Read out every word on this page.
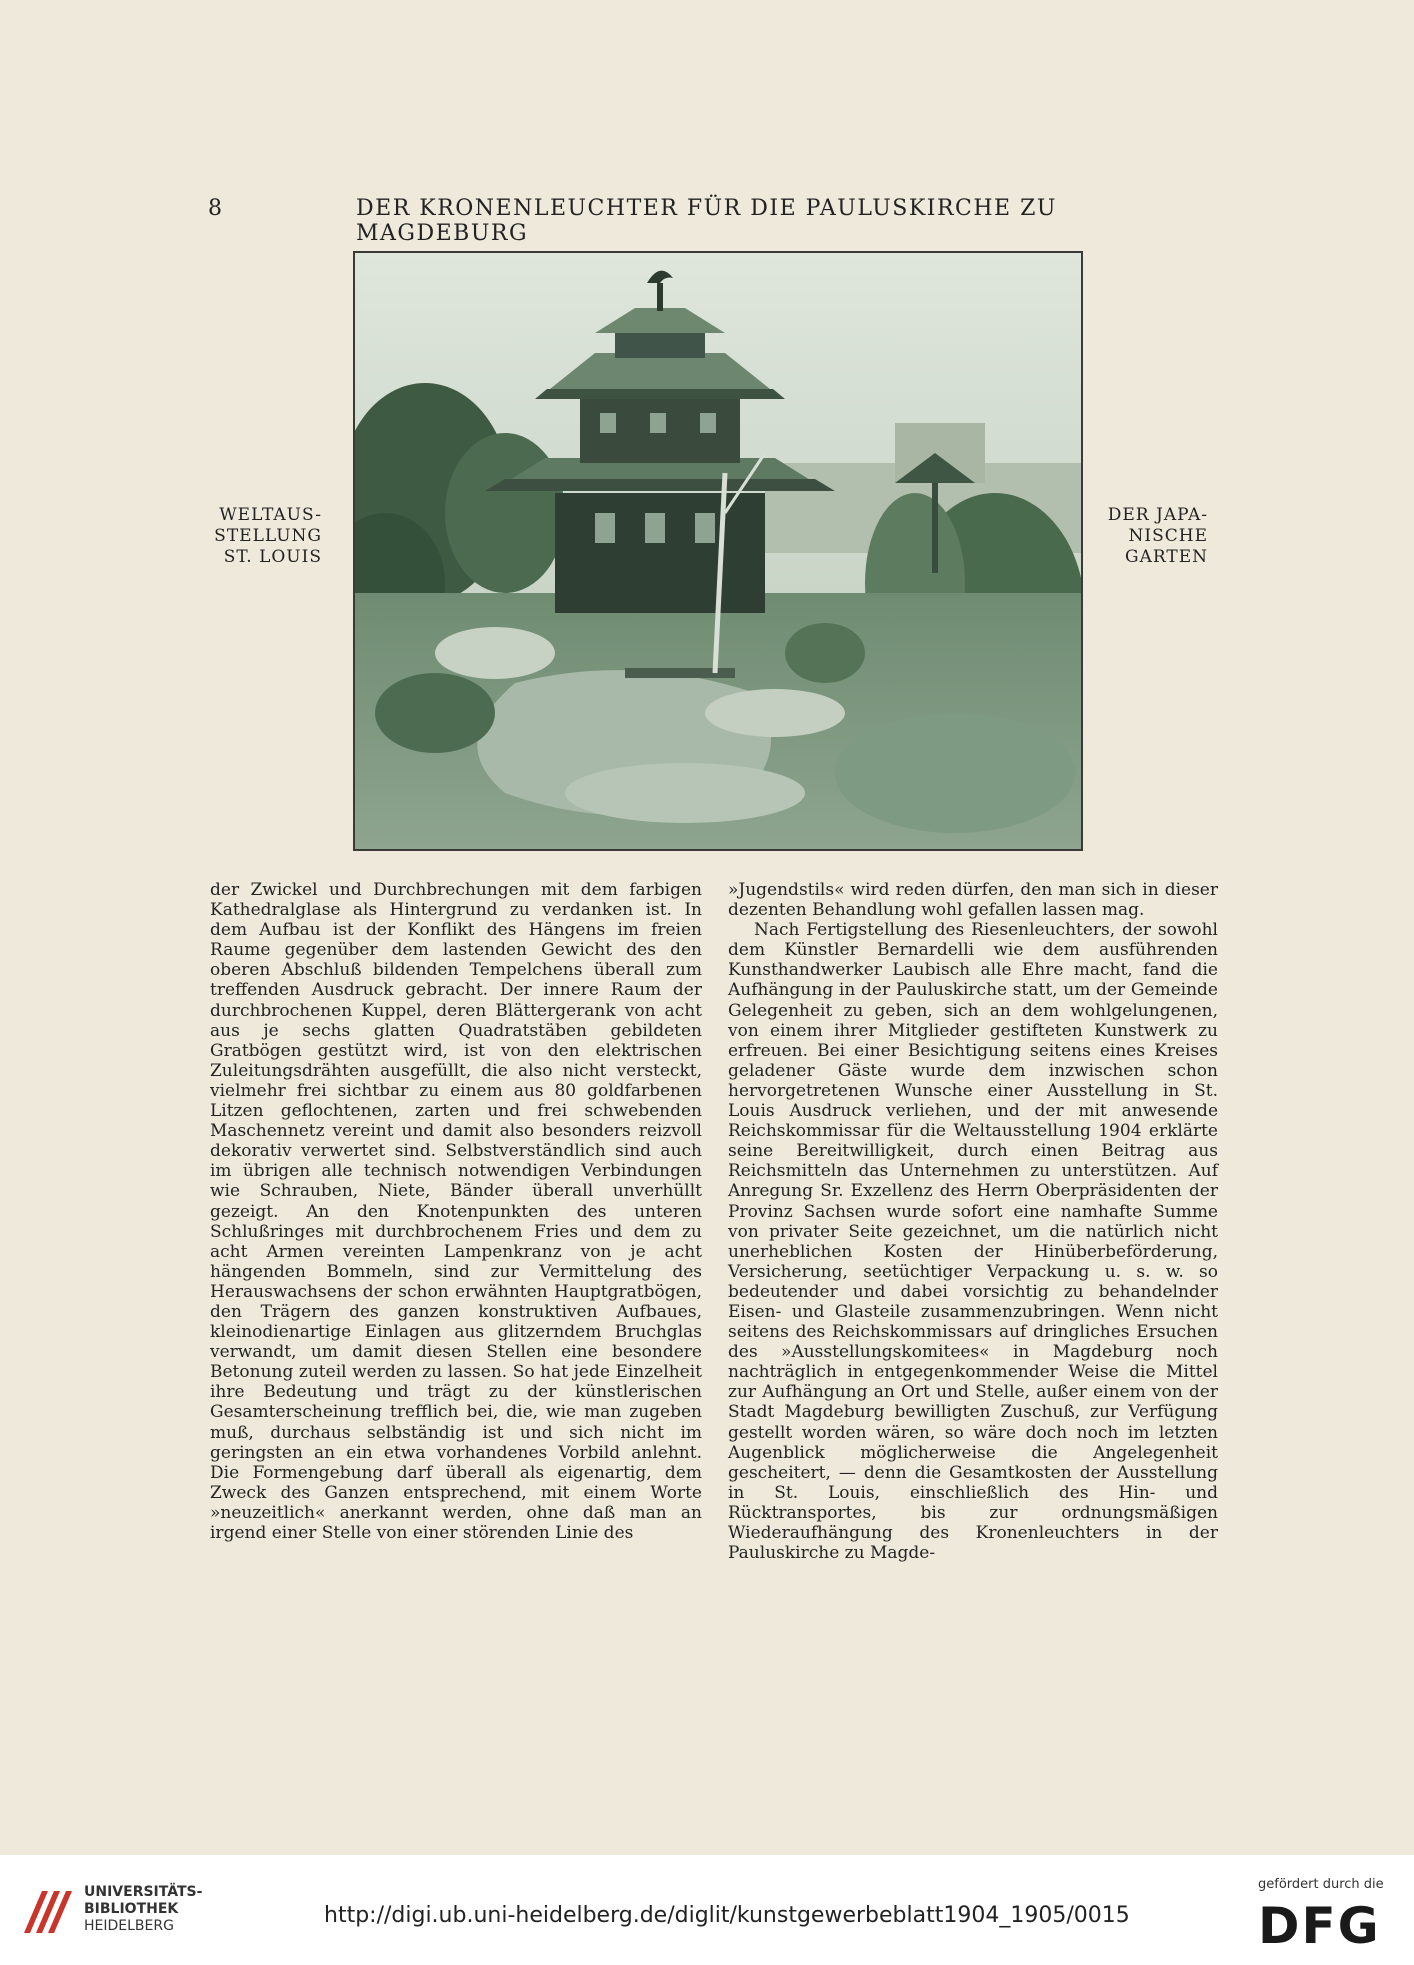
8	DER KRONENLEUCHTER FÜR DIE PAULUSKIRCHE ZU MAGDEBURG
WELTAUS-
STELLUNG
ST. LOUIS
DER JAPA-
NISCHE
GARTEN

der Zwickel und Durchbrechungen mit dem farbigen Kathedralglase als Hintergrund zu verdanken ist. In dem Aufbau ist der Konflikt des Hängens im freien Raume gegenüber dem lastenden Gewicht des den oberen Abschluß bildenden Tempelchens überall zum treffenden Ausdruck gebracht. Der innere Raum der durchbrochenen Kuppel, deren Blättergerank von acht aus je sechs glatten Quadratstäben gebildeten Gratbögen gestützt wird, ist von den elektrischen Zuleitungsdrähten ausgefüllt, die also nicht versteckt, vielmehr frei sichtbar zu einem aus 80 goldfarbenen Litzen geflochtenen, zarten und frei schwebenden Maschennetz vereint und damit also besonders reizvoll dekorativ verwertet sind. Selbstverständlich sind auch im übrigen alle technisch notwendigen Verbindungen wie Schrauben, Niete, Bänder überall unverhüllt gezeigt. An den Knotenpunkten des unteren Schlußringes mit durchbrochenem Fries und dem zu acht Armen vereinten Lampenkranz von je acht hängenden Bommeln, sind zur Vermittelung des Herauswachsens der schon erwähnten Hauptgratbögen, den Trägern des ganzen konstruktiven Aufbaues, kleinodienartige Einlagen aus glitzerndem Bruchglas verwandt, um damit diesen Stellen eine besondere Betonung zuteil werden zu lassen. So hat jede Einzelheit ihre Bedeutung und trägt zu der künstlerischen Gesamterscheinung trefflich bei, die, wie man zugeben muß, durchaus selbständig ist und sich nicht im geringsten an ein etwa vorhandenes Vorbild anlehnt. Die Formengebung darf überall als eigenartig, dem Zweck des Ganzen entsprechend, mit einem Worte »neuzeitlich« anerkannt werden, ohne daß man an irgend einer Stelle von einer störenden Linie des

»Jugendstils« wird reden dürfen, den man sich in dieser dezenten Behandlung wohl gefallen lassen mag.

Nach Fertigstellung des Riesenleuchters, der sowohl dem Künstler Bernardelli wie dem ausführenden Kunsthandwerker Laubisch alle Ehre macht, fand die Aufhängung in der Pauluskirche statt, um der Gemeinde Gelegenheit zu geben, sich an dem wohlgelungenen, von einem ihrer Mitglieder gestifteten Kunstwerk zu erfreuen. Bei einer Besichtigung seitens eines Kreises geladener Gäste wurde dem inzwischen schon hervorgetretenen Wunsche einer Ausstellung in St. Louis Ausdruck verliehen, und der mit anwesende Reichskommissar für die Weltausstellung 1904 erklärte seine Bereitwilligkeit, durch einen Beitrag aus Reichsmitteln das Unternehmen zu unterstützen. Auf Anregung Sr. Exzellenz des Herrn Oberpräsidenten der Provinz Sachsen wurde sofort eine namhafte Summe von privater Seite gezeichnet, um die natürlich nicht unerheblichen Kosten der Hinüberbeförderung, Versicherung, seetüchtiger Verpackung u. s. w. so bedeutender und dabei vorsichtig zu behandelnder Eisen- und Glasteile zusammenzubringen. Wenn nicht seitens des Reichskommissars auf dringliches Ersuchen des »Ausstellungskomitees« in Magdeburg noch nachträglich in entgegenkommender Weise die Mittel zur Aufhängung an Ort und Stelle, außer einem von der Stadt Magdeburg bewilligten Zuschuß, zur Verfügung gestellt worden wären, so wäre doch noch im letzten Augenblick möglicherweise die Angelegenheit gescheitert, — denn die Gesamtkosten der Ausstellung in St. Louis, einschließlich des Hin- und Rücktransportes, bis zur ordnungsmäßigen Wiederaufhängung des Kronenleuchters in der Pauluskirche zu Magde-

UNIVERSITÄTS-
BIBLIOTHEK
HEIDELBERG	http://digi.ub.uni-heidelberg.de/diglit/kunstgewerbeblatt1904_1905/0015
gefördert durch die
DFG
